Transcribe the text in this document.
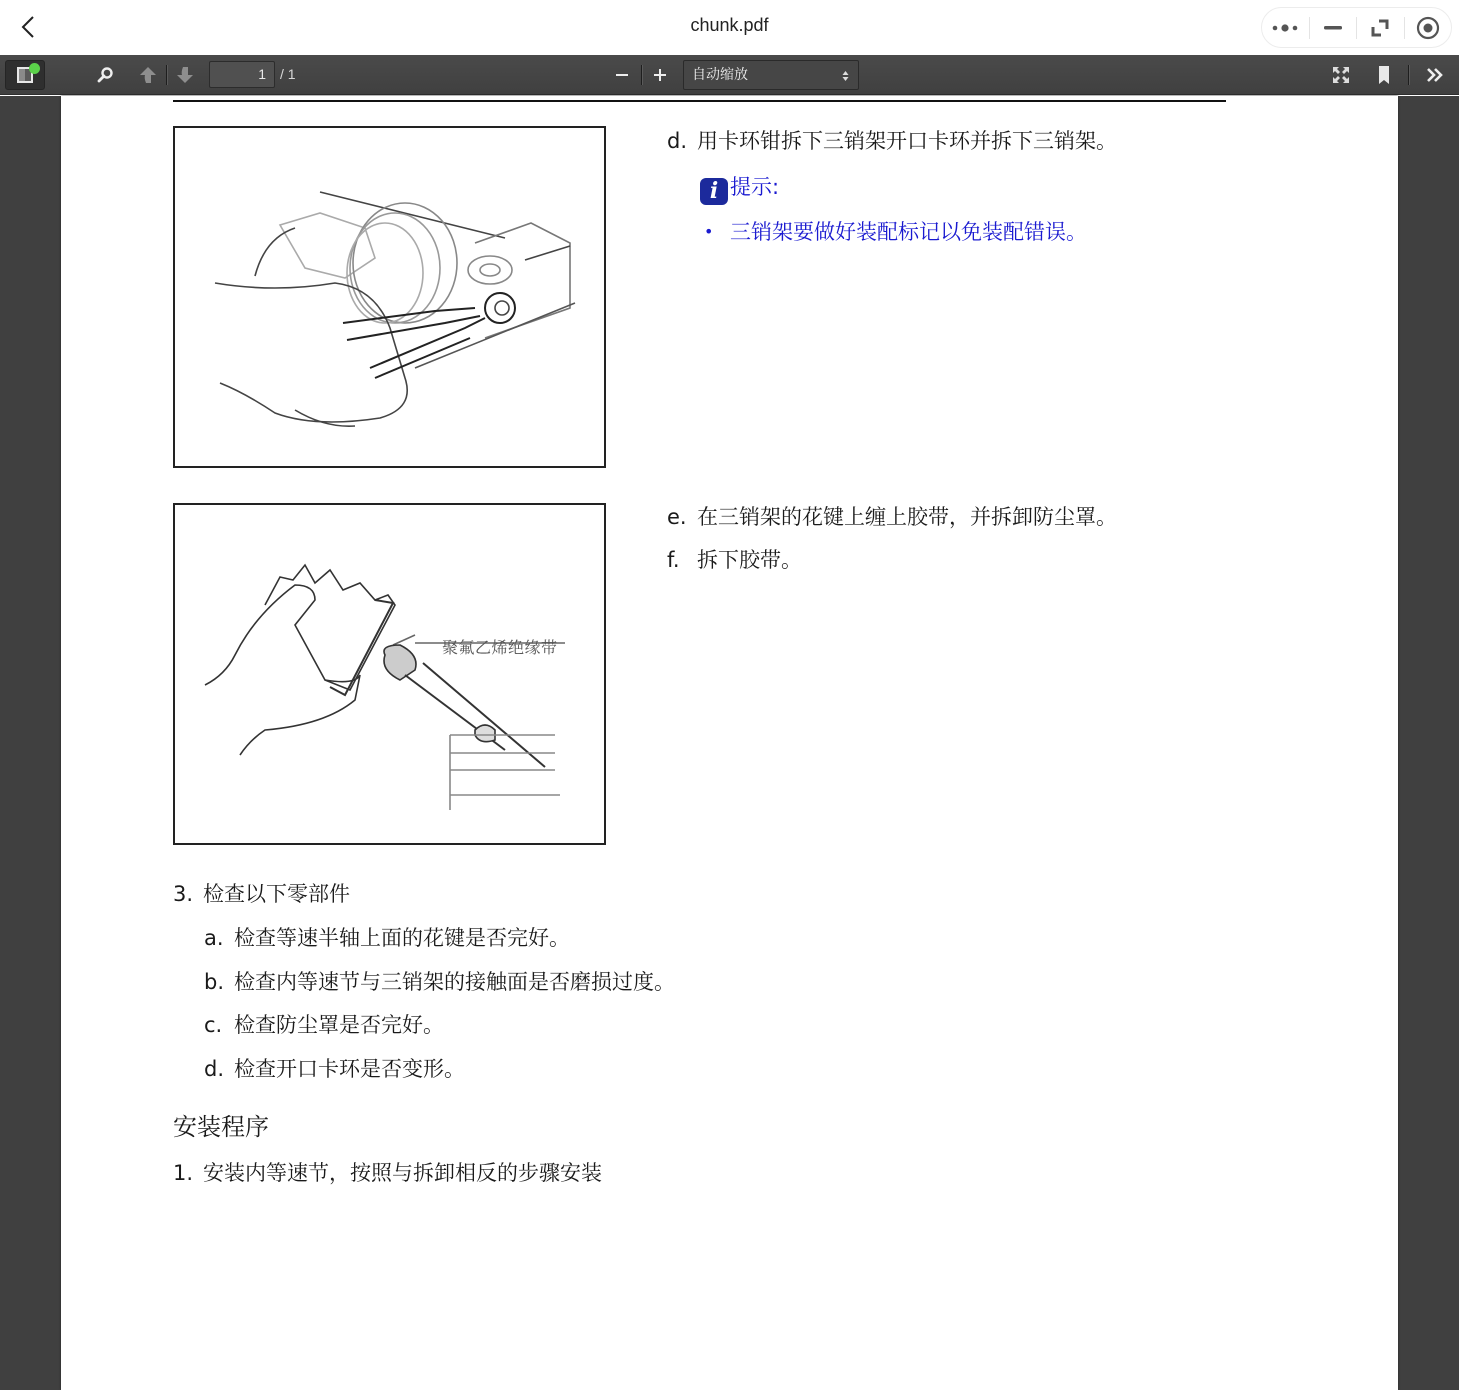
chunk.pdf
1	/ 1	自动缩放
d. 用卡环钳拆下三销架开口卡环并拆下三销架。
i 提示:
• 三销架要做好装配标记以免装配错误。
聚氟乙烯绝缘带
e. 在三销架的花键上缠上胶带，并拆卸防尘罩。
f. 拆下胶带。
3. 检查以下零部件
a. 检查等速半轴上面的花键是否完好。
b. 检查内等速节与三销架的接触面是否磨损过度。
c. 检查防尘罩是否完好。
d. 检查开口卡环是否变形。
安装程序
1. 安装内等速节，按照与拆卸相反的步骤安装
